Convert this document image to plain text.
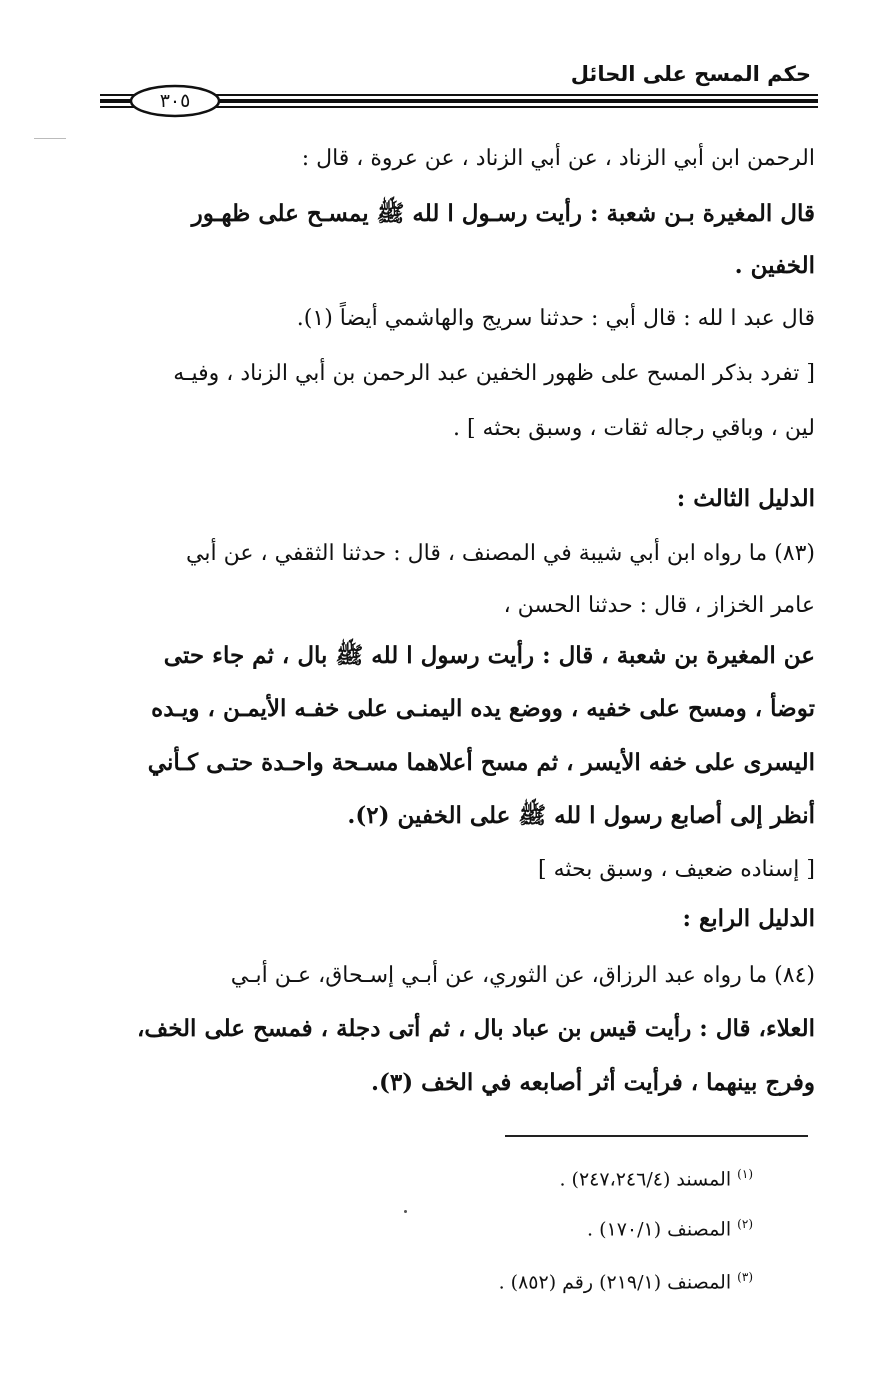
حكم المسح على الحائل
٣٠٥
الرحمن ابن أبي الزناد ، عن أبي الزناد ، عن عروة ، قال :
قال المغيرة بـن شعبة : رأيت رسـول ا لله ﷺ يمسـح على ظهـور
الخفين .
قال عبد ا لله : قال أبي : حدثنا سريج والهاشمي أيضاً (١).
[ تفرد بذكر المسح على ظهور الخفين عبد الرحمن بن أبي الزناد ، وفيـه
لين ، وباقي رجاله ثقات ، وسبق بحثه ] .
الدليل الثالث :
(٨٣) ما رواه ابن أبي شيبة في المصنف ، قال : حدثنا الثقفي ، عن أبي
عامر الخزاز ، قال : حدثنا الحسن ،
عن المغيرة بن شعبة ، قال : رأيت رسول ا لله ﷺ بال ، ثم جاء حتى
توضأ ، ومسح على خفيه ، ووضع يده اليمنـى على خفـه الأيمـن ، ويـده
اليسرى على خفه الأيسر ، ثم مسح أعلاهما مسـحة واحـدة حتـى كـأني
أنظر إلى أصابع رسول ا لله ﷺ على الخفين (٢).
[ إسناده ضعيف ، وسبق بحثه ]
الدليل الرابع :
(٨٤) ما رواه عبد الرزاق، عن الثوري، عن أبـي إسـحاق، عـن أبـي
العلاء، قال : رأيت قيس بن عباد بال ، ثم أتى دجلة ، فمسح على الخف،
وفرج بينهما ، فرأيت أثر أصابعه في الخف (٣).
$^{(١)}$ المسند (٢٤٧،٢٤٦/٤) .
$^{(٢)}$ المصنف (١٧٠/١) .
$^{(٣)}$ المصنف (٢١٩/١) رقم (٨٥٢) .
